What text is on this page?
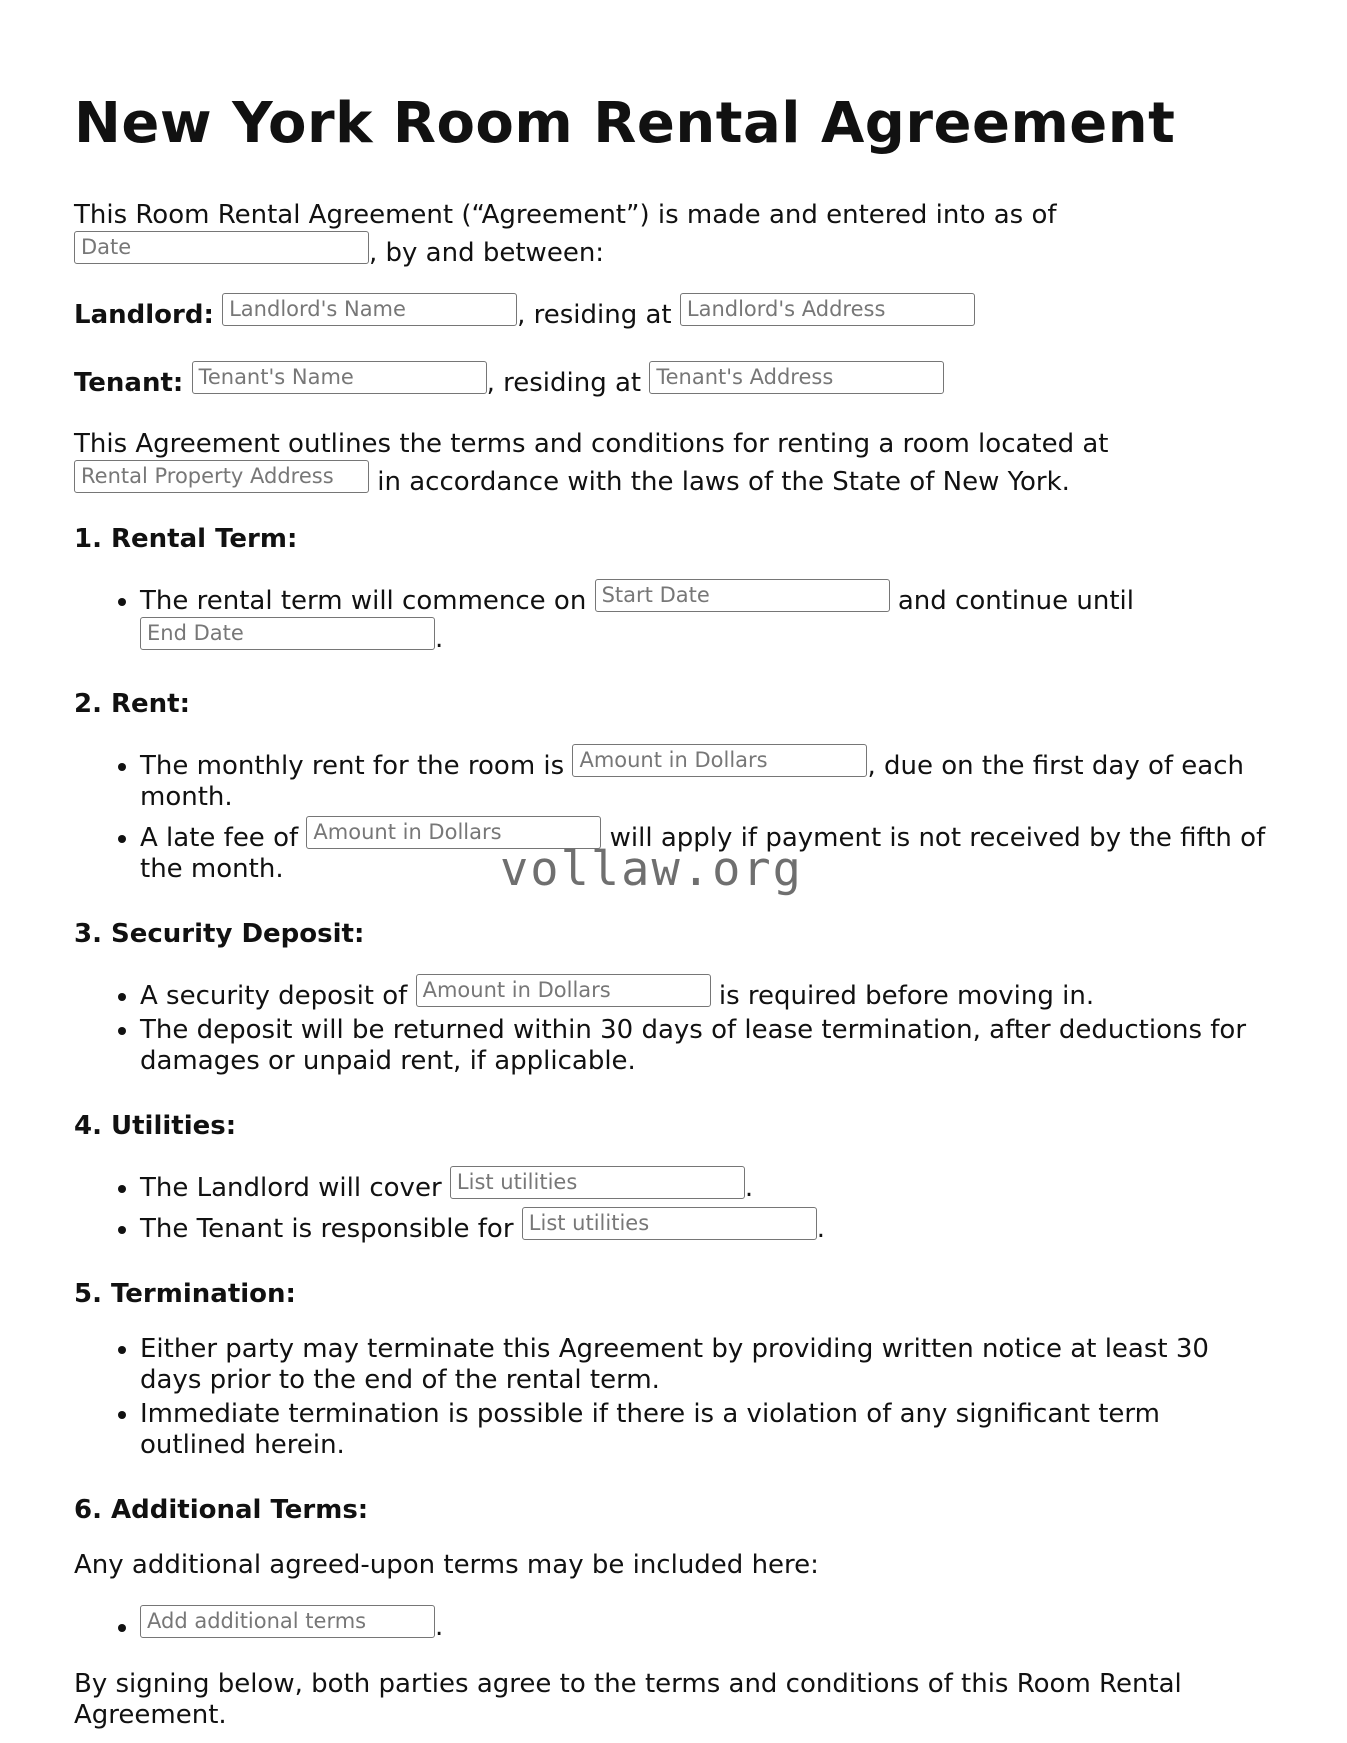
New York Room Rental Agreement

This Room Rental Agreement (“Agreement”) is made and entered into as of
Date	, by and between:

Landlord: Landlord's Name	, residing at Landlord's Address

Tenant: Tenant's Name	, residing at Tenant's Address

This Agreement outlines the terms and conditions for renting a room located at
Rental Property Address in accordance with the laws of the State of New York.

1. Rental Term:
• The rental term will commence on Start Date	and continue until
End Date	.
2. Rent:
• The monthly rent for the room is Amount in Dollars	, due on the first day of each month.
• A late fee of Amount in Dollars	will apply if payment is not received by the fifth of the month.
3. Security Deposit:
• A security deposit of Amount in Dollars	is required before moving in.
• The deposit will be returned within 30 days of lease termination, after deductions for damages or unpaid rent, if applicable.
4. Utilities:
• The Landlord will cover List utilities	.
• The Tenant is responsible for List utilities	.
5. Termination:
• Either party may terminate this Agreement by providing written notice at least 30 days prior to the end of the rental term.
• Immediate termination is possible if there is a violation of any significant term outlined herein.
6. Additional Terms:

Any additional agreed-upon terms may be included here:

• Add additional terms	.

By signing below, both parties agree to the terms and conditions of this Room Rental Agreement.

vollaw.org
